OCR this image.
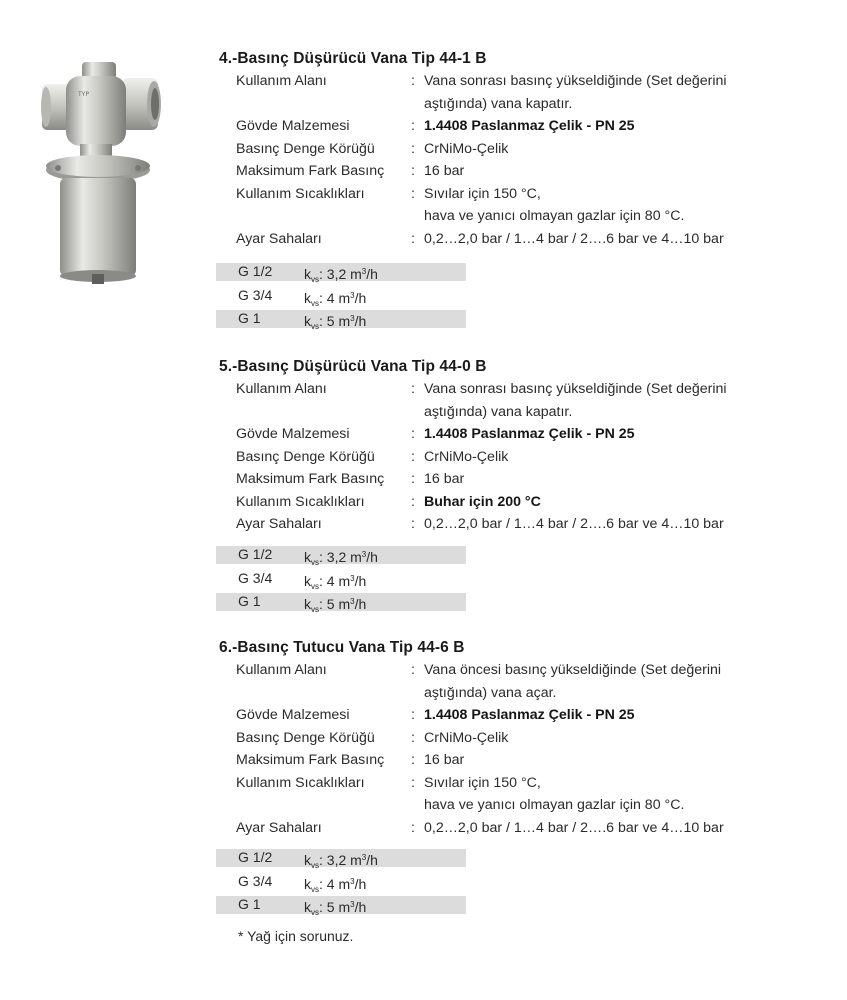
TYP
4.-Basınç Düşürücü Vana Tip 44-1 B
Kullanım Alanı	: Vana sonrası basınç yükseldiğinde (Set değerini
aştığında) vana kapatır.
Gövde Malzemesi	: 1.4408 Paslanmaz Çelik - PN 25
Basınç Denge Körüğü	: CrNiMo-Çelik
Maksimum Fark Basınç : 16 bar
Kullanım Sıcaklıkları	: Sıvılar için 150 °C,
hava ve yanıcı olmayan gazlar için 80 °C.
Ayar Sahaları	: 0,2…2,0 bar / 1…4 bar / 2….6 bar ve 4…10 bar
G 1/2 $k_{vs}$: 3,2 $m^3/h$
G 3/4 $k_{vs}$: 4 $m^3/h$
G 1	$k_{vs}$: 5 $m^3/h$
5.-Basınç Düşürücü Vana Tip 44-0 B
Kullanım Alanı	: Vana sonrası basınç yükseldiğinde (Set değerini
aştığında) vana kapatır.
Gövde Malzemesi	: 1.4408 Paslanmaz Çelik - PN 25
Basınç Denge Körüğü	: CrNiMo-Çelik
Maksimum Fark Basınç : 16 bar
Kullanım Sıcaklıkları	: Buhar için 200 °C
Ayar Sahaları	: 0,2…2,0 bar / 1…4 bar / 2….6 bar ve 4…10 bar
G 1/2 $k_{vs}$: 3,2 $m^3/h$
G 3/4 $k_{vs}$: 4 $m^3/h$
G 1	$k_{vs}$: 5 $m^3/h$
6.-Basınç Tutucu Vana Tip 44-6 B
Kullanım Alanı	: Vana öncesi basınç yükseldiğinde (Set değerini
aştığında) vana açar.
Gövde Malzemesi	: 1.4408 Paslanmaz Çelik - PN 25
Basınç Denge Körüğü	: CrNiMo-Çelik
Maksimum Fark Basınç : 16 bar
Kullanım Sıcaklıkları	: Sıvılar için 150 °C,
hava ve yanıcı olmayan gazlar için 80 °C.
Ayar Sahaları	: 0,2…2,0 bar / 1…4 bar / 2….6 bar ve 4…10 bar
G 1/2 $k_{vs}$: 3,2 $m^3/h$
G 3/4 $k_{vs}$: 4 $m^3/h$
G 1	$k_{vs}$: 5 $m^3/h$
* Yağ için sorunuz.
